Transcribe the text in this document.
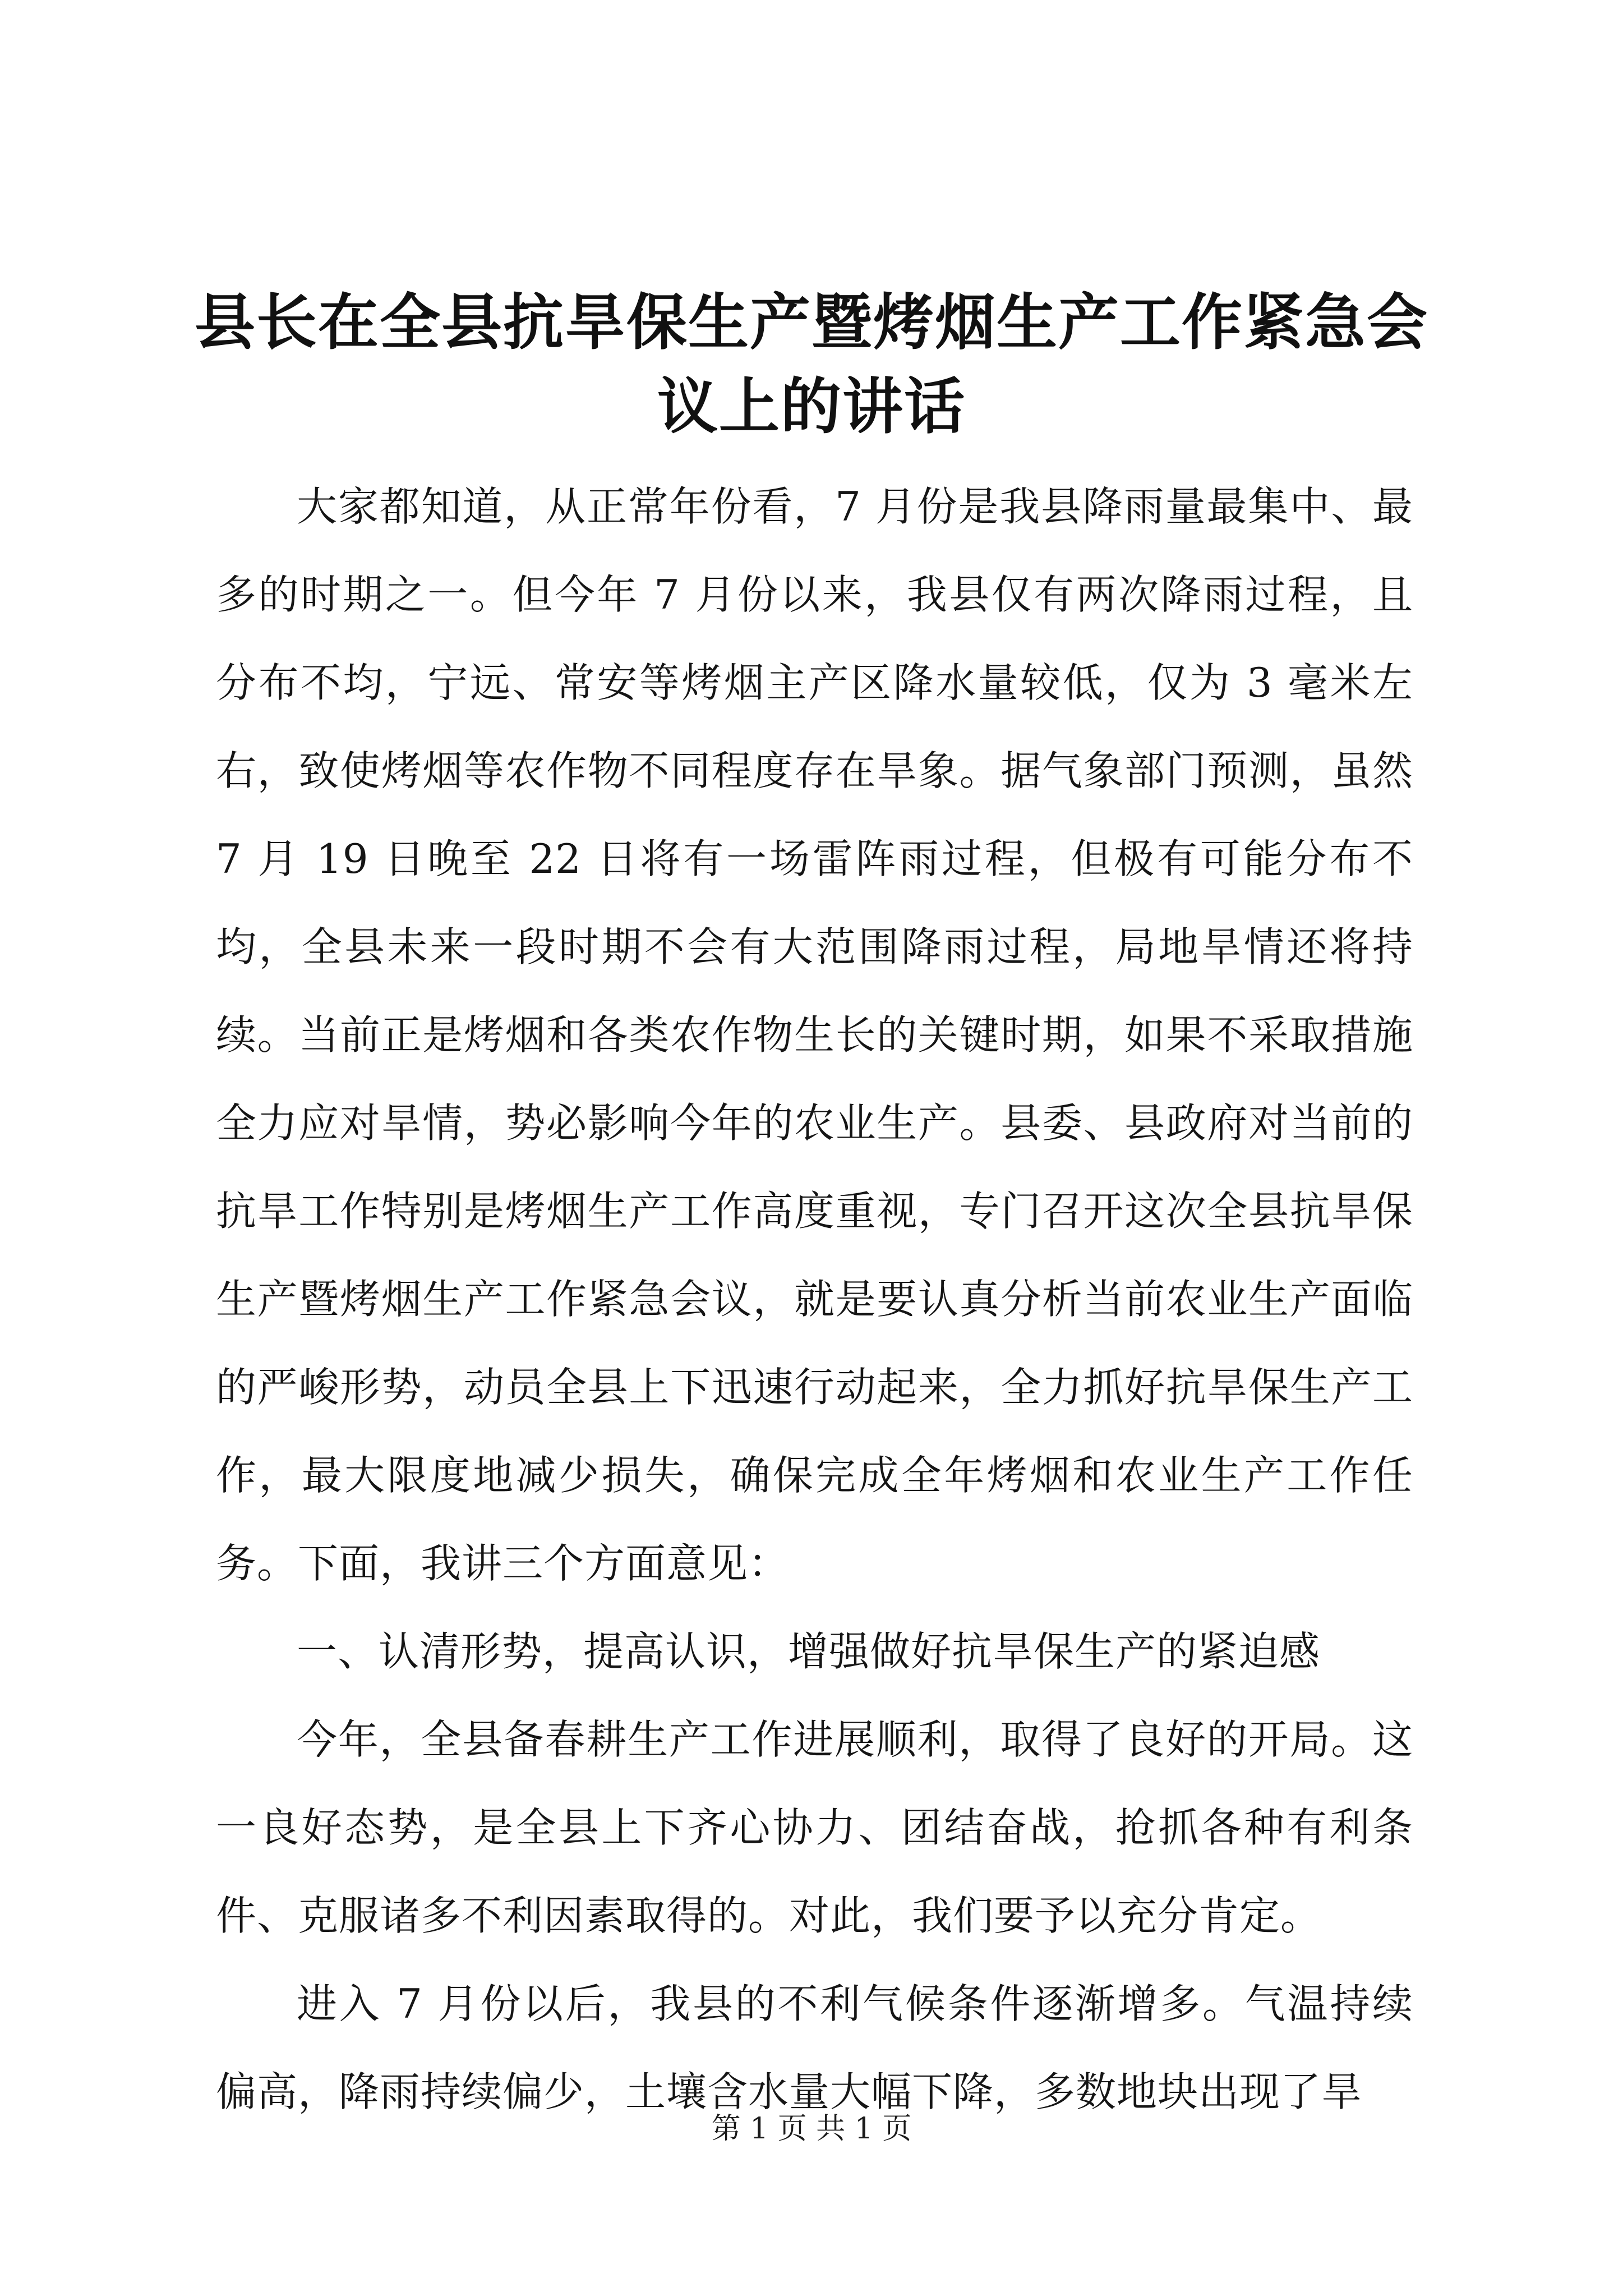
县长在全县抗旱保生产暨烤烟生产工作紧急会
议上的讲话

大家都知道，从正常年份看，7 月份是我县降雨量最集中、最多的时期之一。但今年 7 月份以来，我县仅有两次降雨过程，且分布不均，宁远、常安等烤烟主产区降水量较低，仅为 3 毫米左右，致使烤烟等农作物不同程度存在旱象。据气象部门预测，虽然 7 月 19 日晚至 22 日将有一场雷阵雨过程，但极有可能分布不均，全县未来一段时期不会有大范围降雨过程，局地旱情还将持续。当前正是烤烟和各类农作物生长的关键时期，如果不采取措施全力应对旱情，势必影响今年的农业生产。县委、县政府对当前的抗旱工作特别是烤烟生产工作高度重视，专门召开这次全县抗旱保生产暨烤烟生产工作紧急会议，就是要认真分析当前农业生产面临的严峻形势，动员全县上下迅速行动起来，全力抓好抗旱保生产工作，最大限度地减少损失，确保完成全年烤烟和农业生产工作任务。下面，我讲三个方面意见：

一、认清形势，提高认识，增强做好抗旱保生产的紧迫感

今年，全县备春耕生产工作进展顺利，取得了良好的开局。这一良好态势，是全县上下齐心协力、团结奋战，抢抓各种有利条件、克服诸多不利因素取得的。对此，我们要予以充分肯定。

进入 7 月份以后，我县的不利气候条件逐渐增多。气温持续偏高，降雨持续偏少，土壤含水量大幅下降，多数地块出现了旱

第 1 页 共 1 页
